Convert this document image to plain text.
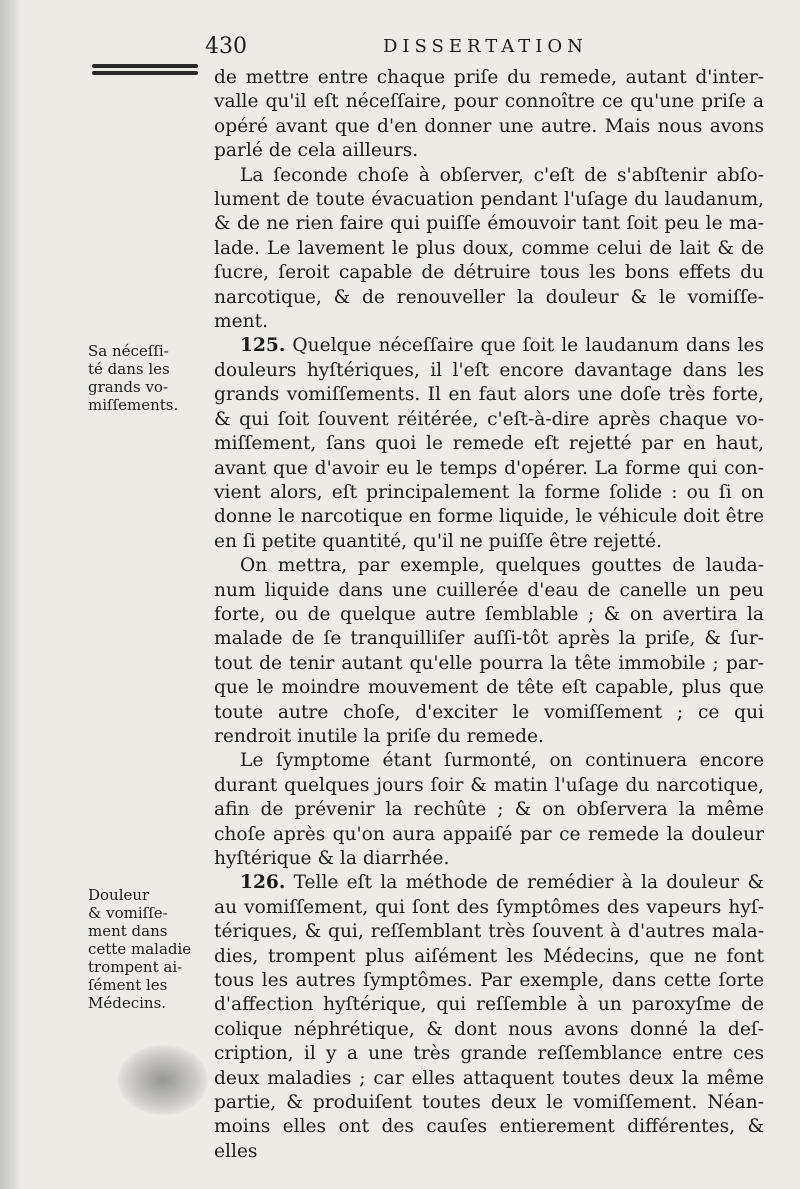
430	DISSERTATION

de mettre entre chaque priſe du remede, autant d'inter- valle qu'il eſt néceſſaire, pour connoître ce qu'une priſe a opéré avant que d'en donner une autre. Mais nous avons parlé de cela ailleurs.

La ſeconde choſe à obſerver, c'eſt de s'abſtenir abſo- lument de toute évacuation pendant l'uſage du laudanum, & de ne rien faire qui puiſſe émouvoir tant ſoit peu le ma- lade. Le lavement le plus doux, comme celui de lait & de ſucre, ſeroit capable de détruire tous les bons effets du narcotique, & de renouveller la douleur & le vomiſſe- ment.

125. Quelque néceſſaire que ſoit le laudanum dans les douleurs hyſtériques, il l'eſt encore davantage dans les grands vomiſſements. Il en faut alors une doſe très forte, & qui ſoit ſouvent réitérée, c'eſt-à-dire après chaque vo- miſſement, ſans quoi le remede eſt rejetté par en haut, avant que d'avoir eu le temps d'opérer. La forme qui con- vient alors, eſt principalement la forme ſolide : ou ſi on donne le narcotique en forme liquide, le véhicule doit être en ſi petite quantité, qu'il ne puiſſe être rejetté.

On mettra, par exemple, quelques gouttes de lauda- num liquide dans une cuillerée d'eau de canelle un peu forte, ou de quelque autre ſemblable ; & on avertira la malade de ſe tranquilliſer auſſi-tôt après la priſe, & ſur- tout de tenir autant qu'elle pourra la tête immobile ; par- que le moindre mouvement de tête eſt capable, plus que toute autre choſe, d'exciter le vomiſſement ; ce qui rendroit inutile la priſe du remede.

Le ſymptome étant ſurmonté, on continuera encore durant quelques jours ſoir & matin l'uſage du narcotique, afin de prévenir la rechûte ; & on obſervera la même choſe après qu'on aura appaiſé par ce remede la douleur hyſtérique & la diarrhée.

126. Telle eſt la méthode de remédier à la douleur & au vomiſſement, qui ſont des ſymptômes des vapeurs hyſ- tériques, & qui, reſſemblant très ſouvent à d'autres mala- dies, trompent plus aiſément les Médecins, que ne font tous les autres ſymptômes. Par exemple, dans cette ſorte d'affection hyſtérique, qui reſſemble à un paroxyſme de colique néphrétique, & dont nous avons donné la deſ- cription, il y a une très grande reſſemblance entre ces deux maladies ; car elles attaquent toutes deux la même partie, & produiſent toutes deux le vomiſſement. Néan- moins elles ont des cauſes entierement différentes, & elles

Sa néceſſi-
té dans les
grands vo-
miſſements.
Douleur
& vomiſſe-
ment dans
cette maladie
trompent ai-
ſément les
Médecins.
